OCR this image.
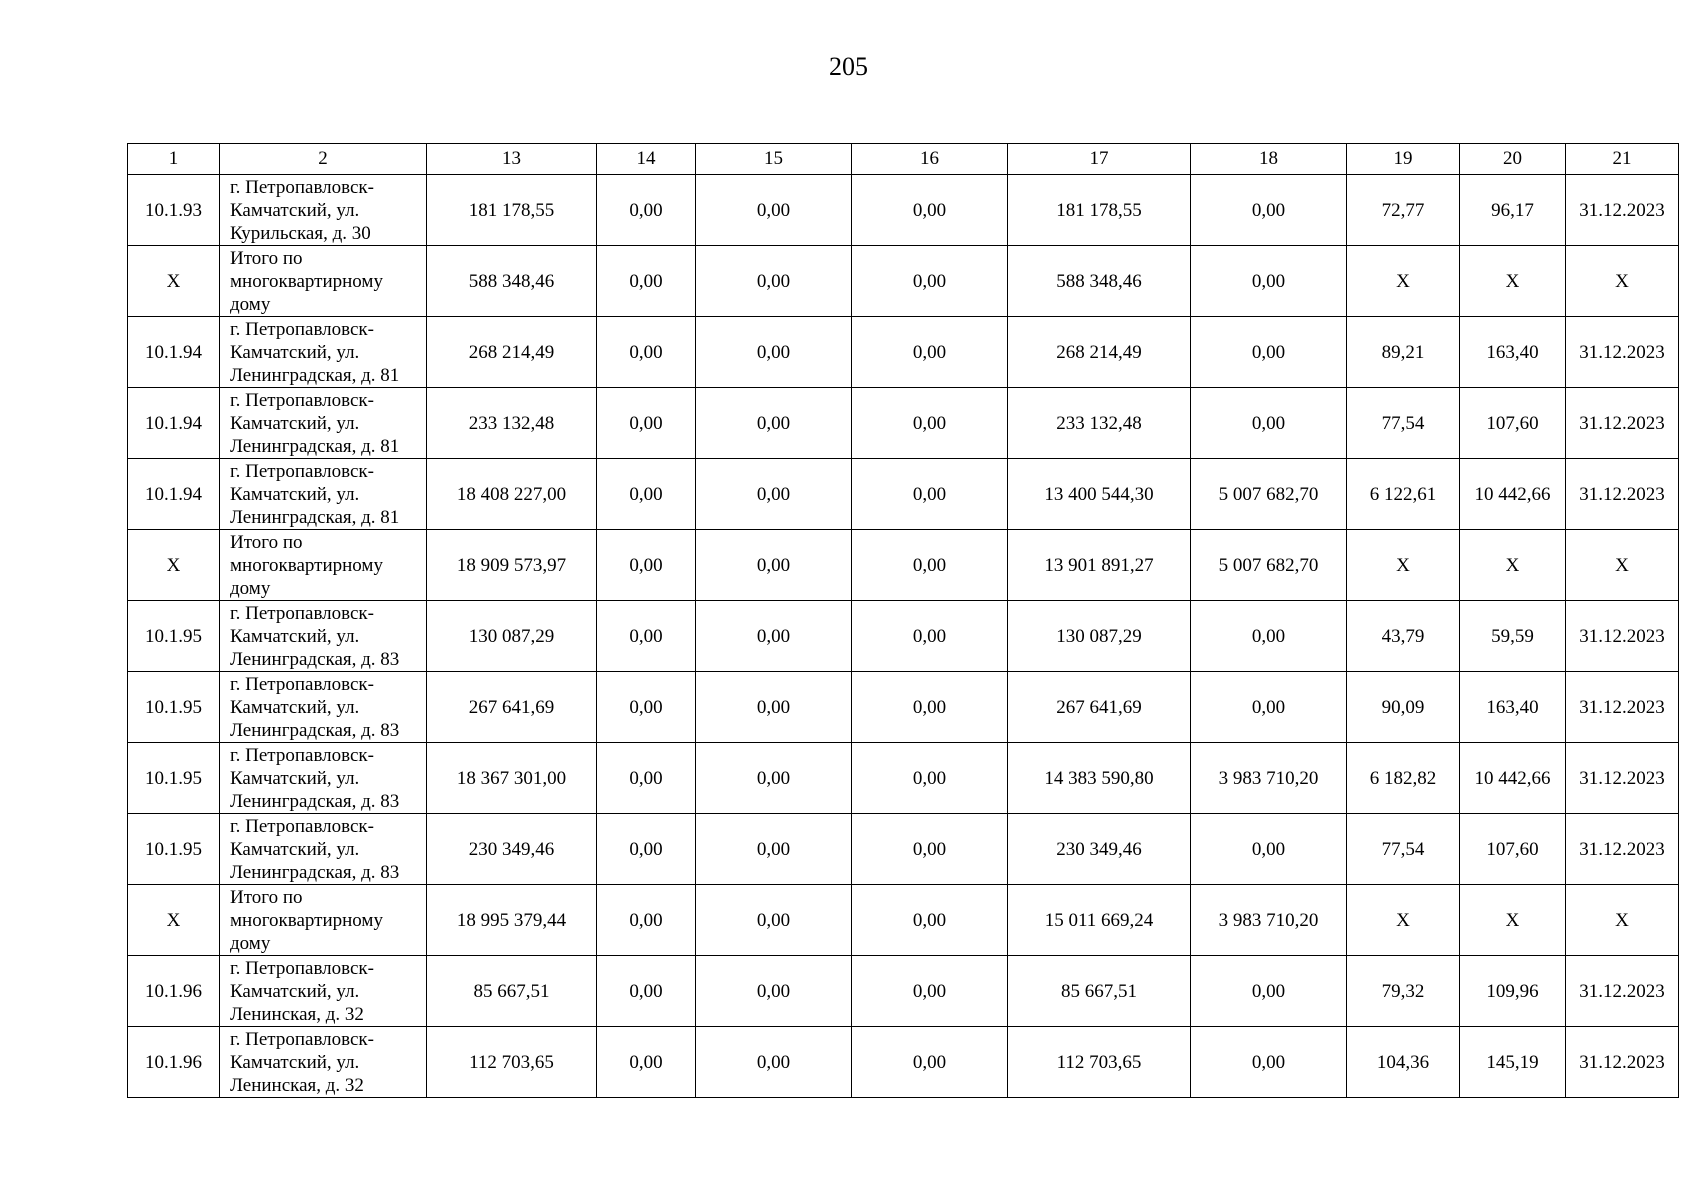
205
1	2	13	14	15	16	17	18	19	20	21
10.1.93	г. Петропавловск-Камчатский, ул. Курильская, д. 30	181 178,55	0,00	0,00	0,00	181 178,55	0,00	72,77	96,17	31.12.2023
X	Итого по многоквартирному дому	588 348,46	0,00	0,00	0,00	588 348,46	0,00	X	X	X
10.1.94	г. Петропавловск-Камчатский, ул. Ленинградская, д. 81	268 214,49	0,00	0,00	0,00	268 214,49	0,00	89,21	163,40	31.12.2023
10.1.94	г. Петропавловск-Камчатский, ул. Ленинградская, д. 81	233 132,48	0,00	0,00	0,00	233 132,48	0,00	77,54	107,60	31.12.2023
10.1.94	г. Петропавловск-Камчатский, ул. Ленинградская, д. 81	18 408 227,00	0,00	0,00	0,00	13 400 544,30	5 007 682,70	6 122,61	10 442,66	31.12.2023
X	Итого по многоквартирному дому	18 909 573,97	0,00	0,00	0,00	13 901 891,27	5 007 682,70	X	X	X
10.1.95	г. Петропавловск-Камчатский, ул. Ленинградская, д. 83	130 087,29	0,00	0,00	0,00	130 087,29	0,00	43,79	59,59	31.12.2023
10.1.95	г. Петропавловск-Камчатский, ул. Ленинградская, д. 83	267 641,69	0,00	0,00	0,00	267 641,69	0,00	90,09	163,40	31.12.2023
10.1.95	г. Петропавловск-Камчатский, ул. Ленинградская, д. 83	18 367 301,00	0,00	0,00	0,00	14 383 590,80	3 983 710,20	6 182,82	10 442,66	31.12.2023
10.1.95	г. Петропавловск-Камчатский, ул. Ленинградская, д. 83	230 349,46	0,00	0,00	0,00	230 349,46	0,00	77,54	107,60	31.12.2023
X	Итого по многоквартирному дому	18 995 379,44	0,00	0,00	0,00	15 011 669,24	3 983 710,20	X	X	X
10.1.96	г. Петропавловск-Камчатский, ул. Ленинская, д. 32	85 667,51	0,00	0,00	0,00	85 667,51	0,00	79,32	109,96	31.12.2023
10.1.96	г. Петропавловск-Камчатский, ул. Ленинская, д. 32	112 703,65	0,00	0,00	0,00	112 703,65	0,00	104,36	145,19	31.12.2023
